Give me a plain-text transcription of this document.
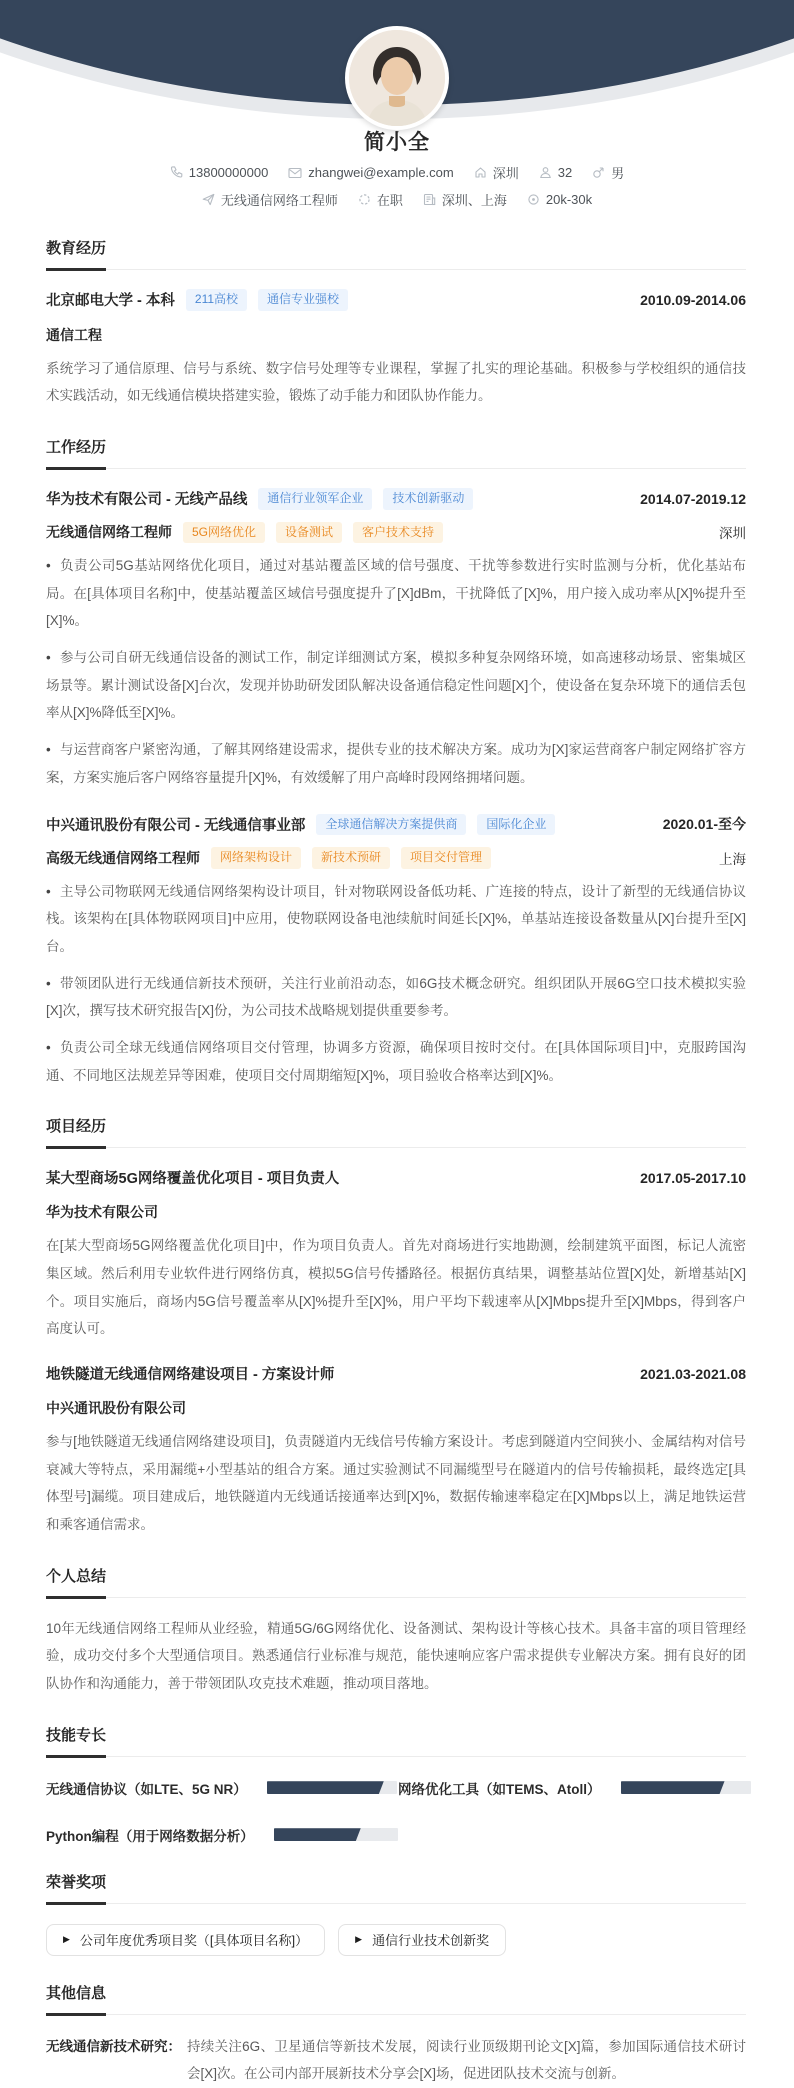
简小全
13800000000	zhangwei@example.com	深圳	32	男
无线通信网络工程师	在职	深圳、上海	20k-30k
教育经历
北京邮电大学 - 本科	211高校	通信专业强校	2010.09-2014.06
通信工程

系统学习了通信原理、信号与系统、数字信号处理等专业课程，掌握了扎实的理论基础。积极参与学校组织的通信技术实践活动，如无线通信模块搭建实验，锻炼了动手能力和团队协作能力。

工作经历
华为技术有限公司 - 无线产品线	通信行业领军企业	技术创新驱动	2014.07-2019.12
无线通信网络工程师	5G网络优化	设备测试	客户技术支持	深圳

• 负责公司5G基站网络优化项目，通过对基站覆盖区域的信号强度、干扰等参数进行实时监测与分析，优化基站布局。在[具体项目名称]中，使基站覆盖区域信号强度提升了[X]dBm，干扰降低了[X]%，用户接入成功率从[X]%提升至[X]%。

• 参与公司自研无线通信设备的测试工作，制定详细测试方案，模拟多种复杂网络环境，如高速移动场景、密集城区场景等。累计测试设备[X]台次，发现并协助研发团队解决设备通信稳定性问题[X]个，使设备在复杂环境下的通信丢包率从[X]%降低至[X]%。

• 与运营商客户紧密沟通，了解其网络建设需求，提供专业的技术解决方案。成功为[X]家运营商客户制定网络扩容方案，方案实施后客户网络容量提升[X]%，有效缓解了用户高峰时段网络拥堵问题。

中兴通讯股份有限公司 - 无线通信事业部	全球通信解决方案提供商	国际化企业	2020.01-至今
高级无线通信网络工程师	网络架构设计	新技术预研	项目交付管理	上海

• 主导公司物联网无线通信网络架构设计项目，针对物联网设备低功耗、广连接的特点，设计了新型的无线通信协议栈。该架构在[具体物联网项目]中应用，使物联网设备电池续航时间延长[X]%，单基站连接设备数量从[X]台提升至[X]台。

• 带领团队进行无线通信新技术预研，关注行业前沿动态，如6G技术概念研究。组织团队开展6G空口技术模拟实验[X]次，撰写技术研究报告[X]份，为公司技术战略规划提供重要参考。

• 负责公司全球无线通信网络项目交付管理，协调多方资源，确保项目按时交付。在[具体国际项目]中，克服跨国沟通、不同地区法规差异等困难，使项目交付周期缩短[X]%，项目验收合格率达到[X]%。

项目经历
某大型商场5G网络覆盖优化项目 - 项目负责人	2017.05-2017.10
华为技术有限公司

在[某大型商场5G网络覆盖优化项目]中，作为项目负责人。首先对商场进行实地勘测，绘制建筑平面图，标记人流密集区域。然后利用专业软件进行网络仿真，模拟5G信号传播路径。根据仿真结果，调整基站位置[X]处，新增基站[X]个。项目实施后，商场内5G信号覆盖率从[X]%提升至[X]%，用户平均下载速率从[X]Mbps提升至[X]Mbps，得到客户高度认可。

地铁隧道无线通信网络建设项目 - 方案设计师	2021.03-2021.08
中兴通讯股份有限公司

参与[地铁隧道无线通信网络建设项目]，负责隧道内无线信号传输方案设计。考虑到隧道内空间狭小、金属结构对信号衰减大等特点，采用漏缆+小型基站的组合方案。通过实验测试不同漏缆型号在隧道内的信号传输损耗，最终选定[具体型号]漏缆。项目建成后，地铁隧道内无线通话接通率达到[X]%，数据传输速率稳定在[X]Mbps以上，满足地铁运营和乘客通信需求。

个人总结

10年无线通信网络工程师从业经验，精通5G/6G网络优化、设备测试、架构设计等核心技术。具备丰富的项目管理经验，成功交付多个大型通信项目。熟悉通信行业标准与规范，能快速响应客户需求提供专业解决方案。拥有良好的团队协作和沟通能力，善于带领团队攻克技术难题，推动项目落地。

技能专长
无线通信协议（如LTE、5G NR）	网络优化工具（如TEMS、Atoll）
Python编程（用于网络数据分析）
荣誉奖项
▶ 公司年度优秀项目奖（[具体项目名称]）	▶ 通信行业技术创新奖
其他信息
无线通信新技术研究： 持续关注6G、卫星通信等新技术发展，阅读行业顶级期刊论文[X]篇，参加国际通信技术研讨会[X]次。在公司内部开展新技术分享会[X]场，促进团队技术交流与创新。
